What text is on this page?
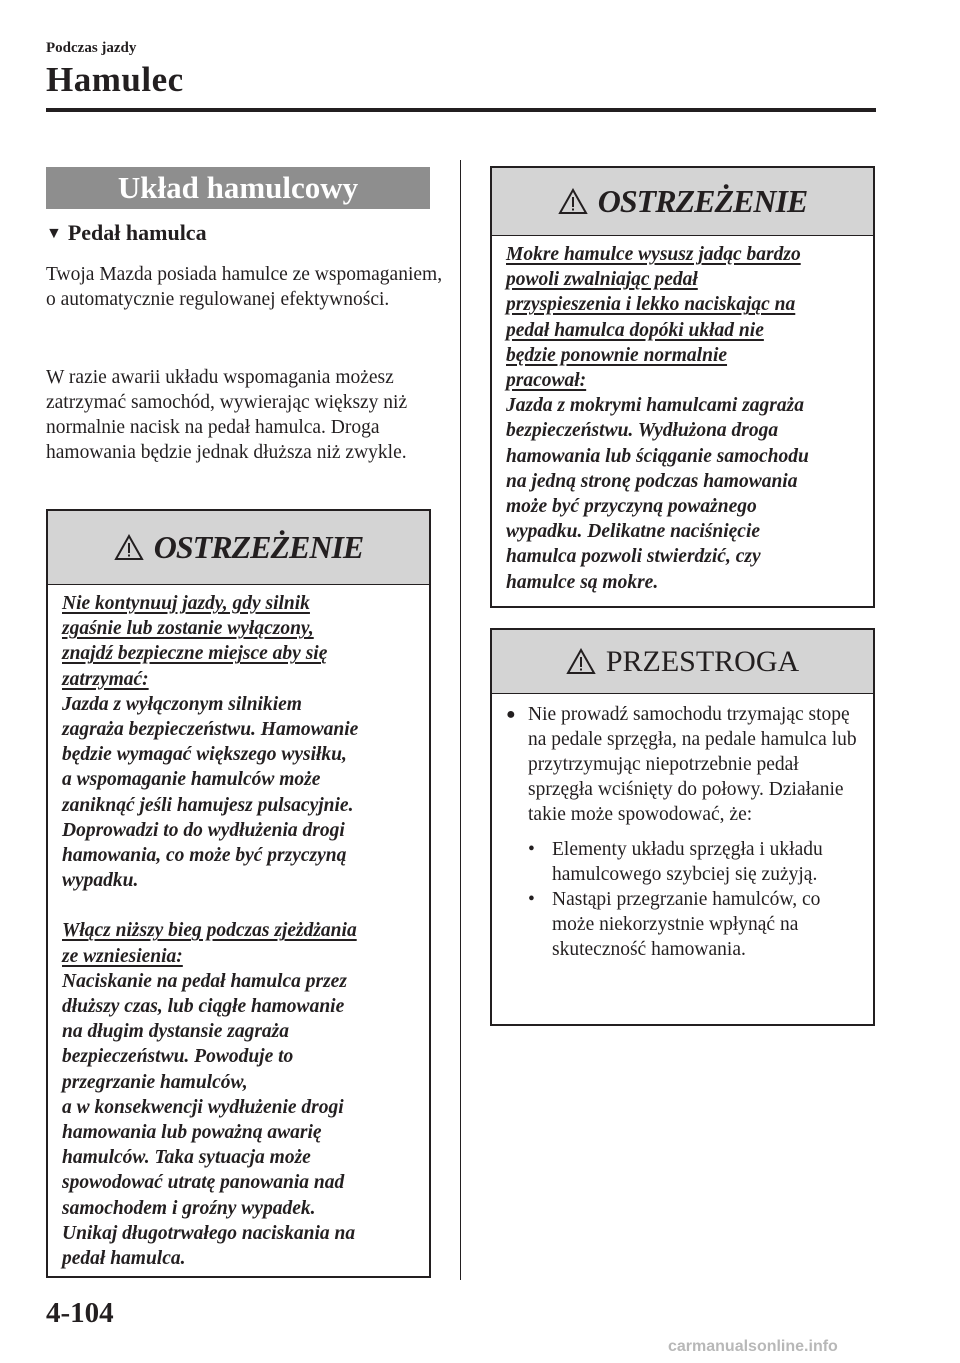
Podczas jazdy
Hamulec
Układ hamulcowy
▼ Pedał hamulca
Twoja Mazda posiada hamulce ze wspomaganiem, o automatycznie regulowanej efektywności.
W razie awarii układu wspomagania możesz zatrzymać samochód, wywierając większy niż normalnie nacisk na pedał hamulca. Droga hamowania będzie jednak dłuższa niż zwykle.
OSTRZEŻENIE

Nie kontynuuj jazdy, gdy silnik

zgaśnie lub zostanie wyłączony,

znajdź bezpieczne miejsce aby się

zatrzymać:

Jazda z wyłączonym silnikiem

zagraża bezpieczeństwu. Hamowanie

będzie wymagać większego wysiłku,

a wspomaganie hamulców może

zaniknąć jeśli hamujesz pulsacyjnie.

Doprowadzi to do wydłużenia drogi

hamowania, co może być przyczyną

wypadku.

Włącz niższy bieg podczas zjeżdżania

ze wzniesienia:

Naciskanie na pedał hamulca przez

dłuższy czas, lub ciągłe hamowanie

na długim dystansie zagraża

bezpieczeństwu. Powoduje to

przegrzanie hamulców,

a w konsekwencji wydłużenie drogi

hamowania lub poważną awarię

hamulców. Taka sytuacja może

spowodować utratę panowania nad

samochodem i groźny wypadek.

Unikaj długotrwałego naciskania na

pedał hamulca.

OSTRZEŻENIE

Mokre hamulce wysusz jadąc bardzo

powoli zwalniając pedał

przyspieszenia i lekko naciskając na

pedał hamulca dopóki układ nie

będzie ponownie normalnie

pracował:

Jazda z mokrymi hamulcami zagraża

bezpieczeństwu. Wydłużona droga

hamowania lub ściąganie samochodu

na jedną stronę podczas hamowania

może być przyczyną poważnego

wypadku. Delikatne naciśnięcie

hamulca pozwoli stwierdzić, czy

hamulce są mokre.

PRZESTROGA
● Nie prowadź samochodu trzymając stopę na pedale sprzęgła, na pedale hamulca lub przytrzymując niepotrzebnie pedał sprzęgła wciśnięty do połowy. Działanie takie może spowodować, że:
• Elementy układu sprzęgła i układu hamulcowego szybciej się zużyją.
• Nastąpi przegrzanie hamulców, co może niekorzystnie wpłynąć na skuteczność hamowania.
4-104
carmanualsonline.info
